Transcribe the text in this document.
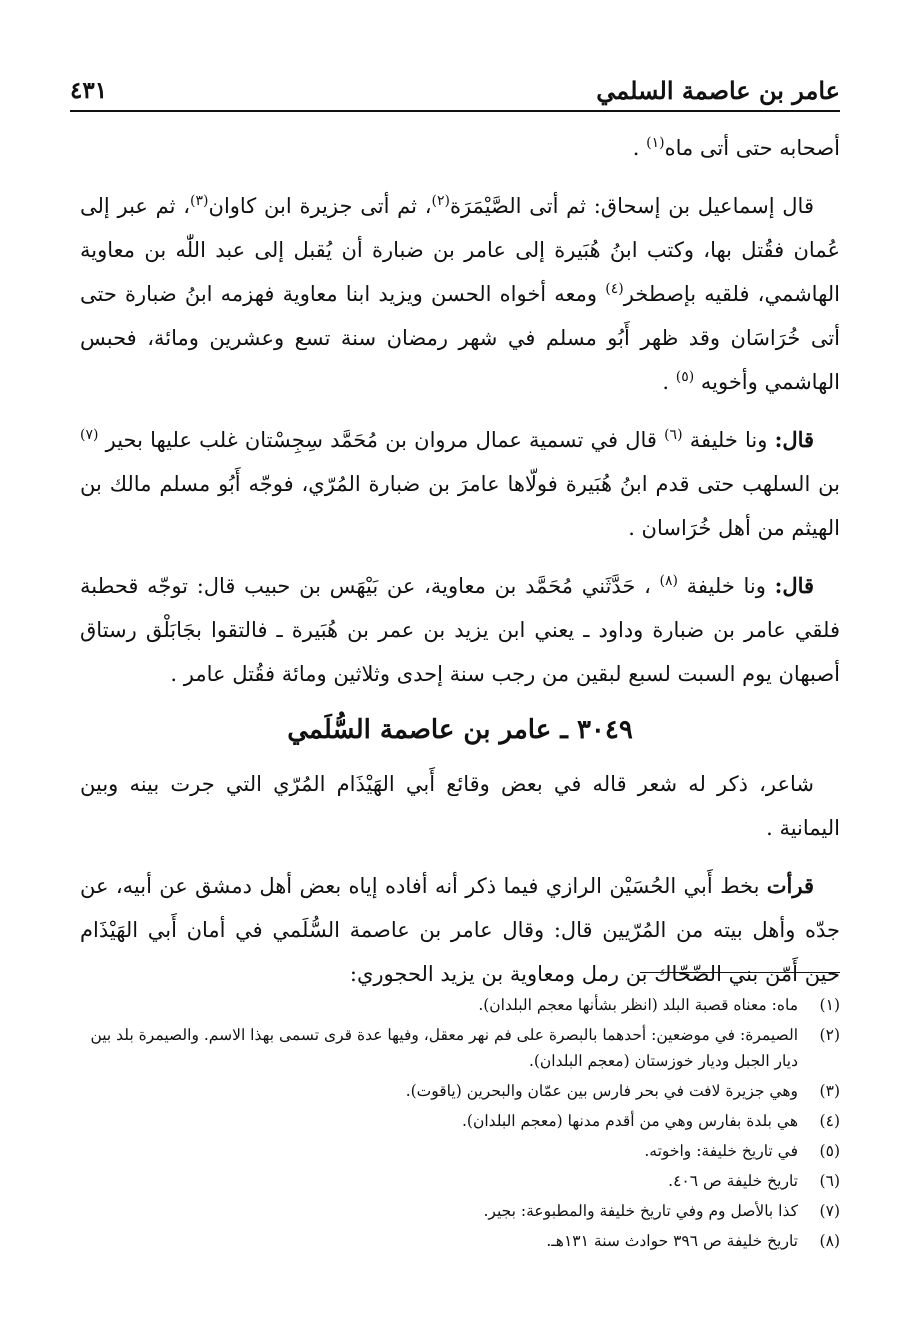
عامر بن عاصمة السلمي
٤٣١

أصحابه حتى أتى ماه$^{(١)}$ .

قال إسماعيل بن إسحاق: ثم أتى الصَّيْمَرَة$^{(٢)}$، ثم أتى جزيرة ابن كاوان$^{(٣)}$، ثم عبر إلى عُمان فقُتل بها، وكتب ابنُ هُبَيرة إلى عامر بن ضبارة أن يُقبل إلى عبد اللّٰه بن معاوية الهاشمي، فلقيه بإصطخر$^{(٤)}$ ومعه أخواه الحسن ويزيد ابنا معاوية فهزمه ابنُ ضبارة حتى أتى خُرَاسَان وقد ظهر أَبُو مسلم في شهر رمضان سنة تسع وعشرين ومائة، فحبس الهاشمي وأخويه $^{(٥)}$ .

قال: ونا خليفة $^{(٦)}$ قال في تسمية عمال مروان بن مُحَمَّد سِجِسْتان غلب عليها بحير $^{(٧)}$ بن السلهب حتى قدم ابنُ هُبَيرة فولّاها عامرَ بن ضبارة المُرّي، فوجّه أَبُو مسلم مالك بن الهيثم من أهل خُرَاسان .

قال: ونا خليفة $^{(٨)}$ ، حَدَّثَني مُحَمَّد بن معاوية، عن بَيْهَس بن حبيب قال: توجّه قحطبة فلقي عامر بن ضبارة وداود ـ يعني ابن يزيد بن عمر بن هُبَيرة ـ فالتقوا بجَابَلْق رستاق أصبهان يوم السبت لسبع لبقين من رجب سنة إحدى وثلاثين ومائة فقُتل عامر .

٣٠٤٩ ـ عامر بن عاصمة السُّلَمي

شاعر، ذكر له شعر قاله في بعض وقائع أَبي الهَيْذَام المُرّي التي جرت بينه وبين اليمانية .

قرأت بخط أَبي الحُسَيْن الرازي فيما ذكر أنه أفاده إياه بعض أهل دمشق عن أبيه، عن جدّه وأهل بيته من المُرّيين قال: وقال عامر بن عاصمة السُّلَمي في أمان أَبي الهَيْذَام حين أَمّن بني الضّحّاك بن رمل ومعاوية بن يزيد الحجوري:

(١)
ماه: معناه قصبة البلد (انظر بشأنها معجم البلدان).
(٢)
الصيمرة: في موضعين: أحدهما بالبصرة على فم نهر معقل، وفيها عدة قرى تسمى بهذا الاسم. والصيمرة بلد بين ديار الجبل وديار خوزستان (معجم البلدان).
(٣)
وهي جزيرة لافت في بحر فارس بين عمّان والبحرين (ياقوت).
(٤)
هي بلدة بفارس وهي من أقدم مدنها (معجم البلدان).
(٥)
في تاريخ خليفة: واخوته.
(٦)
تاريخ خليفة ص ٤٠٦.
(٧)
كذا بالأصل وم وفي تاريخ خليفة والمطبوعة: بجير.
(٨)
تاريخ خليفة ص ٣٩٦ حوادث سنة ١٣١هـ.
